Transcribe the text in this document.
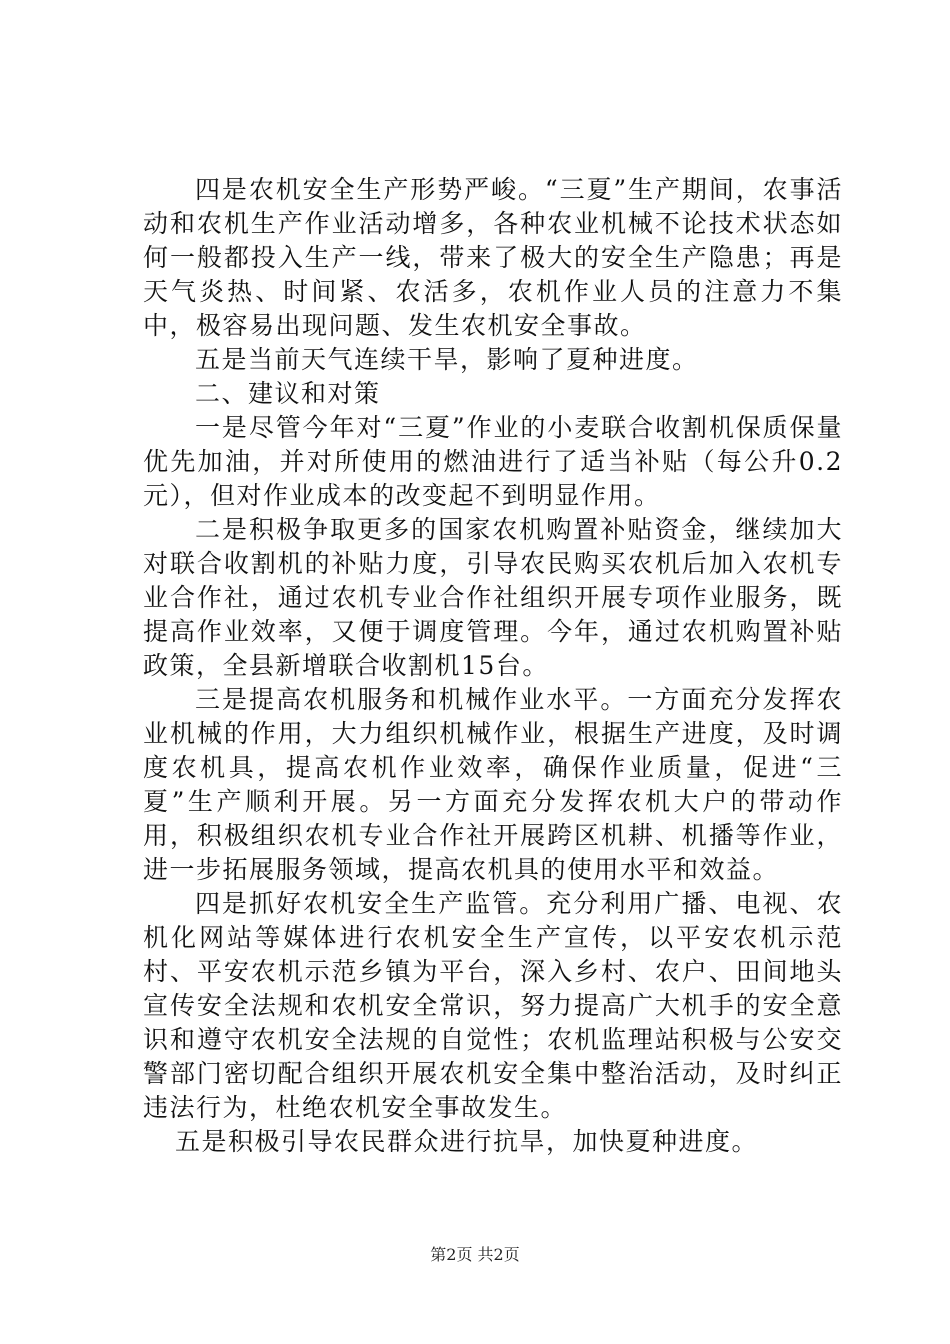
四是农机安全生产形势严峻。“三夏”生产期间，农事活动和农机生产作业活动增多，各种农业机械不论技术状态如何一般都投入生产一线，带来了极大的安全生产隐患；再是天气炎热、时间紧、农活多，农机作业人员的注意力不集中，极容易出现问题、发生农机安全事故。

五是当前天气连续干旱，影响了夏种进度。

二、建议和对策

一是尽管今年对“三夏”作业的小麦联合收割机保质保量优先加油，并对所使用的燃油进行了适当补贴（每公升0.2元），但对作业成本的改变起不到明显作用。

二是积极争取更多的国家农机购置补贴资金，继续加大对联合收割机的补贴力度，引导农民购买农机后加入农机专业合作社，通过农机专业合作社组织开展专项作业服务，既提高作业效率，又便于调度管理。今年，通过农机购置补贴政策，全县新增联合收割机15台。

三是提高农机服务和机械作业水平。一方面充分发挥农业机械的作用，大力组织机械作业，根据生产进度，及时调度农机具，提高农机作业效率，确保作业质量，促进“三夏”生产顺利开展。另一方面充分发挥农机大户的带动作用，积极组织农机专业合作社开展跨区机耕、机播等作业，进一步拓展服务领域，提高农机具的使用水平和效益。

四是抓好农机安全生产监管。充分利用广播、电视、农机化网站等媒体进行农机安全生产宣传，以平安农机示范村、平安农机示范乡镇为平台，深入乡村、农户、田间地头宣传安全法规和农机安全常识，努力提高广大机手的安全意识和遵守农机安全法规的自觉性；农机监理站积极与公安交警部门密切配合组织开展农机安全集中整治活动，及时纠正违法行为，杜绝农机安全事故发生。

五是积极引导农民群众进行抗旱，加快夏种进度。

第2页 共2页
